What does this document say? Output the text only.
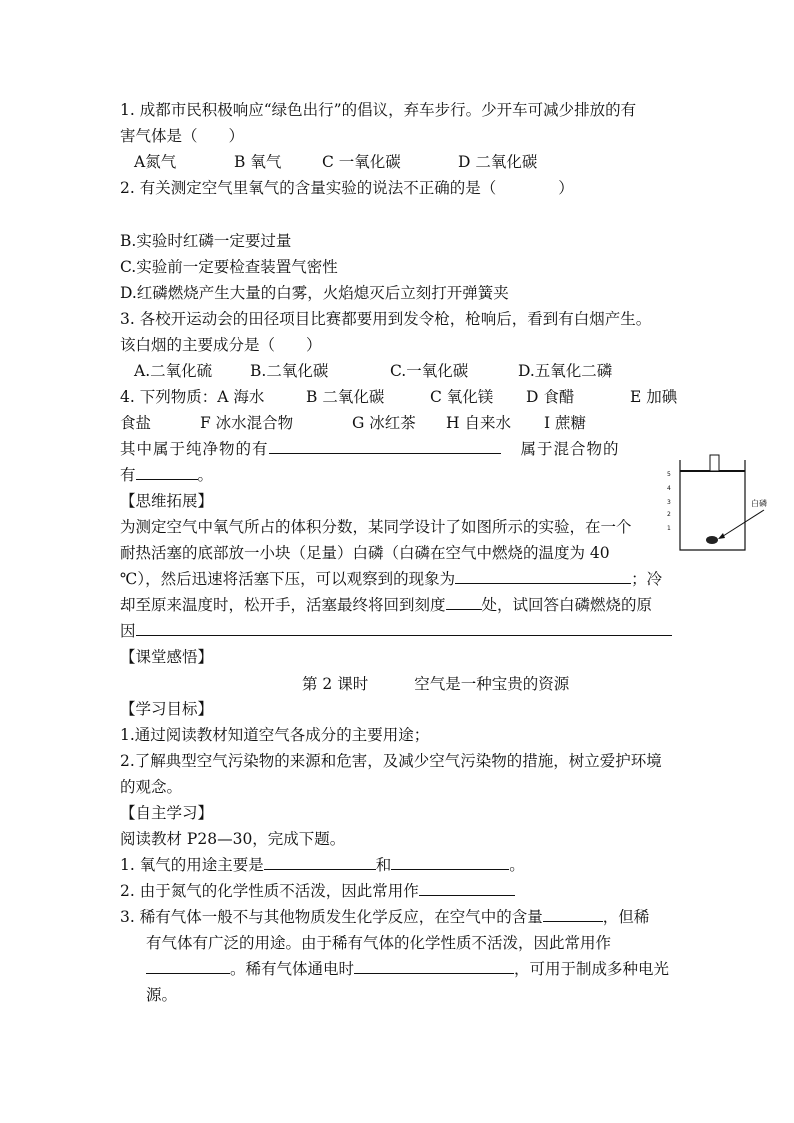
1. 成都市民积极响应“绿色出行”的倡议，弃车步行。少开车可减少排放的有
害气体是（　　）
A氮气	B 氧气	C 一氧化碳	D 二氧化碳
2. 有关测定空气里氧气的含量实验的说法不正确的是（　　　　）
B.实验时红磷一定要过量
C.实验前一定要检查装置气密性
D.红磷燃烧产生大量的白雾，火焰熄灭后立刻打开弹簧夹
3. 各校开运动会的田径项目比赛都要用到发令枪，枪响后，看到有白烟产生。
该白烟的主要成分是（　　）
A.二氧化硫 B.二氧化碳	C.一氧化碳	D.五氧化二磷
4. 下列物质：A 海水	B 二氧化碳	C 氧化镁 D 食醋	E 加碘
食盐	F 冰水混合物	G 冰红茶 H 自来水 I 蔗糖
其中属于纯净物的有	属于混合物的
有	。
【思维拓展】
为测定空气中氧气所占的体积分数，某同学设计了如图所示的实验，在一个
耐热活塞的底部放一小块（足量）白磷（白磷在空气中燃烧的温度为 40
℃），然后迅速将活塞下压，可以观察到的现象为	；冷
却至原来温度时，松开手，活塞最终将回到刻度 处，试回答白磷燃烧的原
因
5
4
3
2
1
白磷
【课堂感悟】
第 2 课时	空气是一种宝贵的资源
【学习目标】
1.通过阅读教材知道空气各成分的主要用途；
2.了解典型空气污染物的来源和危害，及减少空气污染物的措施，树立爱护环境
的观念。
【自主学习】
阅读教材 P28—30，完成下题。
1. 氧气的用途主要是	和	。
2. 由于氮气的化学性质不活泼，因此常用作
3. 稀有气体一般不与其他物质发生化学反应，在空气中的含量	，但稀
有气体有广泛的用途。由于稀有气体的化学性质不活泼，因此常用作
。稀有气体通电时	，可用于制成多种电光
源。
